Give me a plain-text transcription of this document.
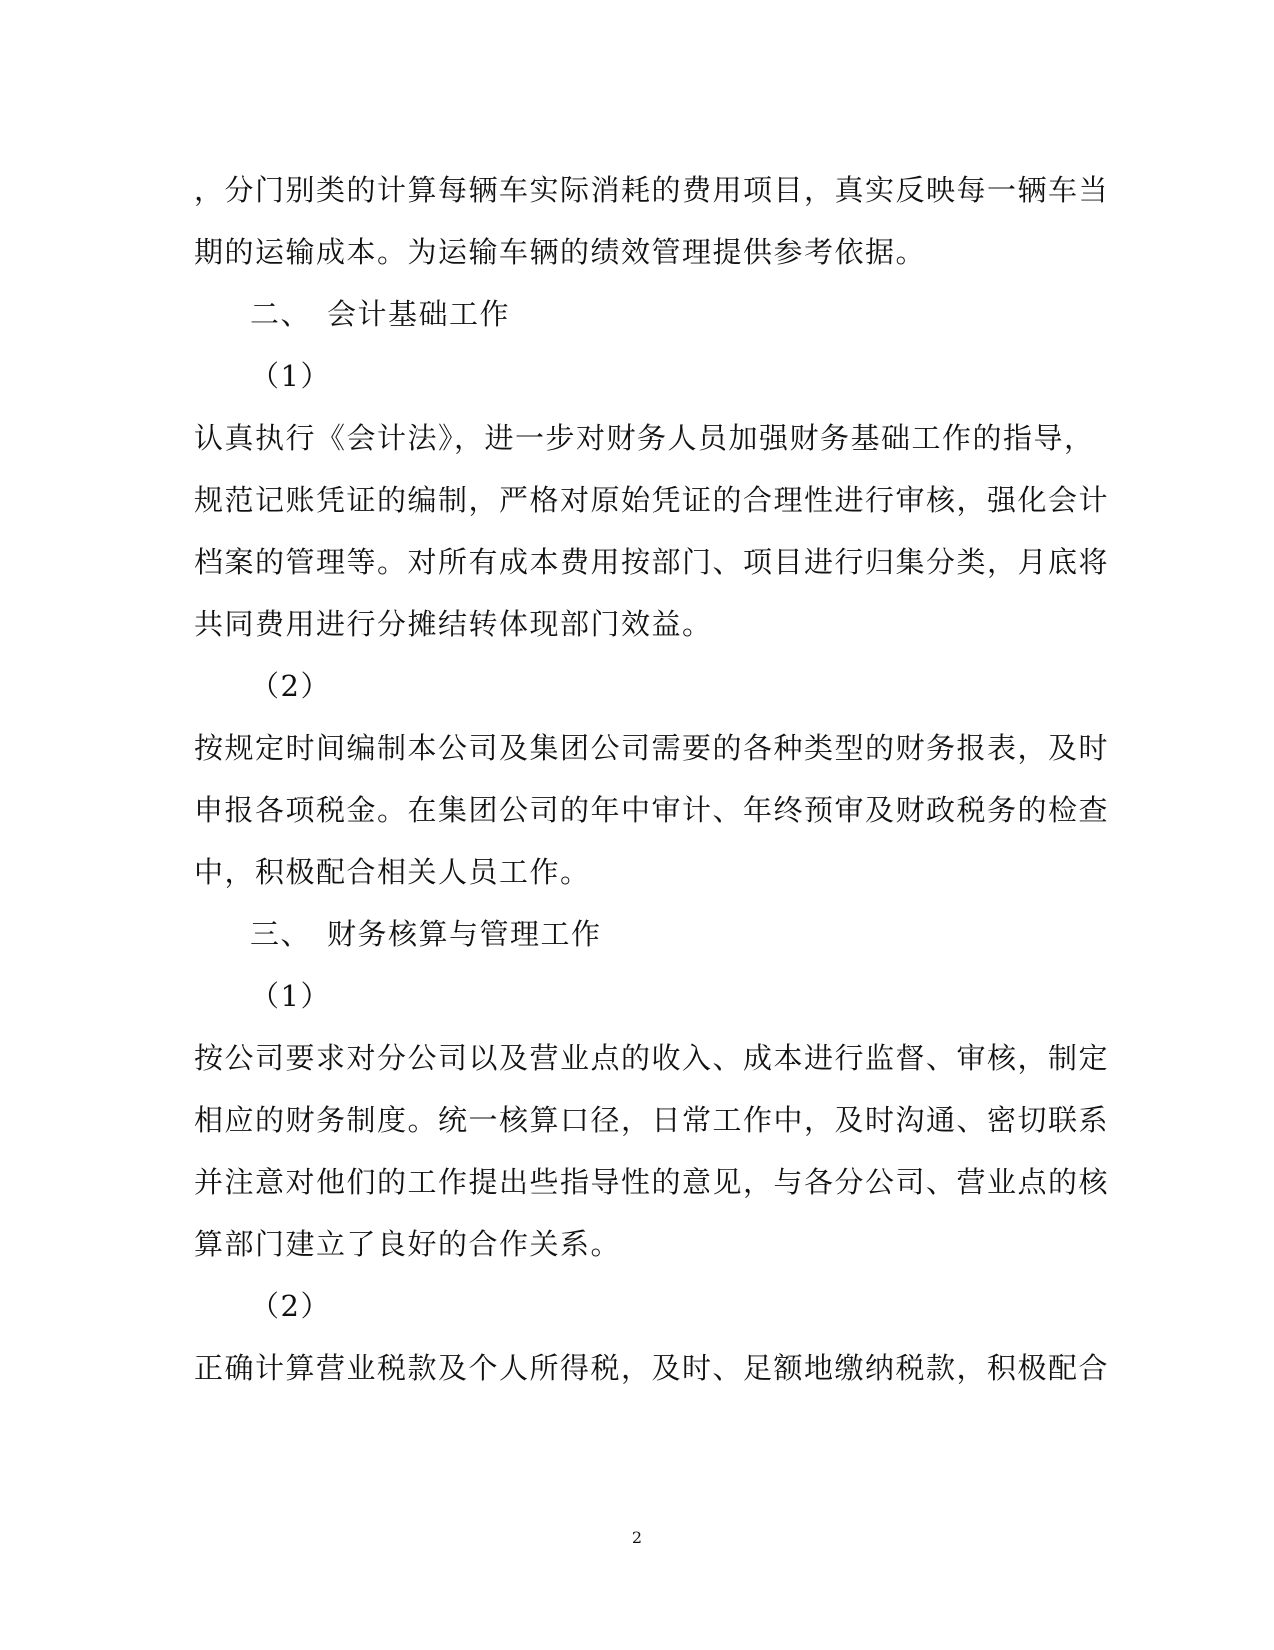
，分门别类的计算每辆车实际消耗的费用项目，真实反映每一辆车当
期的运输成本。为运输车辆的绩效管理提供参考依据。
二、　会计基础工作
（1）
认真执行《会计法》，进一步对财务人员加强财务基础工作的指导，
规范记账凭证的编制，严格对原始凭证的合理性进行审核，强化会计
档案的管理等。对所有成本费用按部门、项目进行归集分类，月底将
共同费用进行分摊结转体现部门效益。
（2）
按规定时间编制本公司及集团公司需要的各种类型的财务报表，及时
申报各项税金。在集团公司的年中审计、年终预审及财政税务的检查
中，积极配合相关人员工作。
三、　财务核算与管理工作
（1）
按公司要求对分公司以及营业点的收入、成本进行监督、审核，制定
相应的财务制度。统一核算口径，日常工作中，及时沟通、密切联系
并注意对他们的工作提出些指导性的意见，与各分公司、营业点的核
算部门建立了良好的合作关系。
（2）
正确计算营业税款及个人所得税，及时、足额地缴纳税款，积极配合
2
